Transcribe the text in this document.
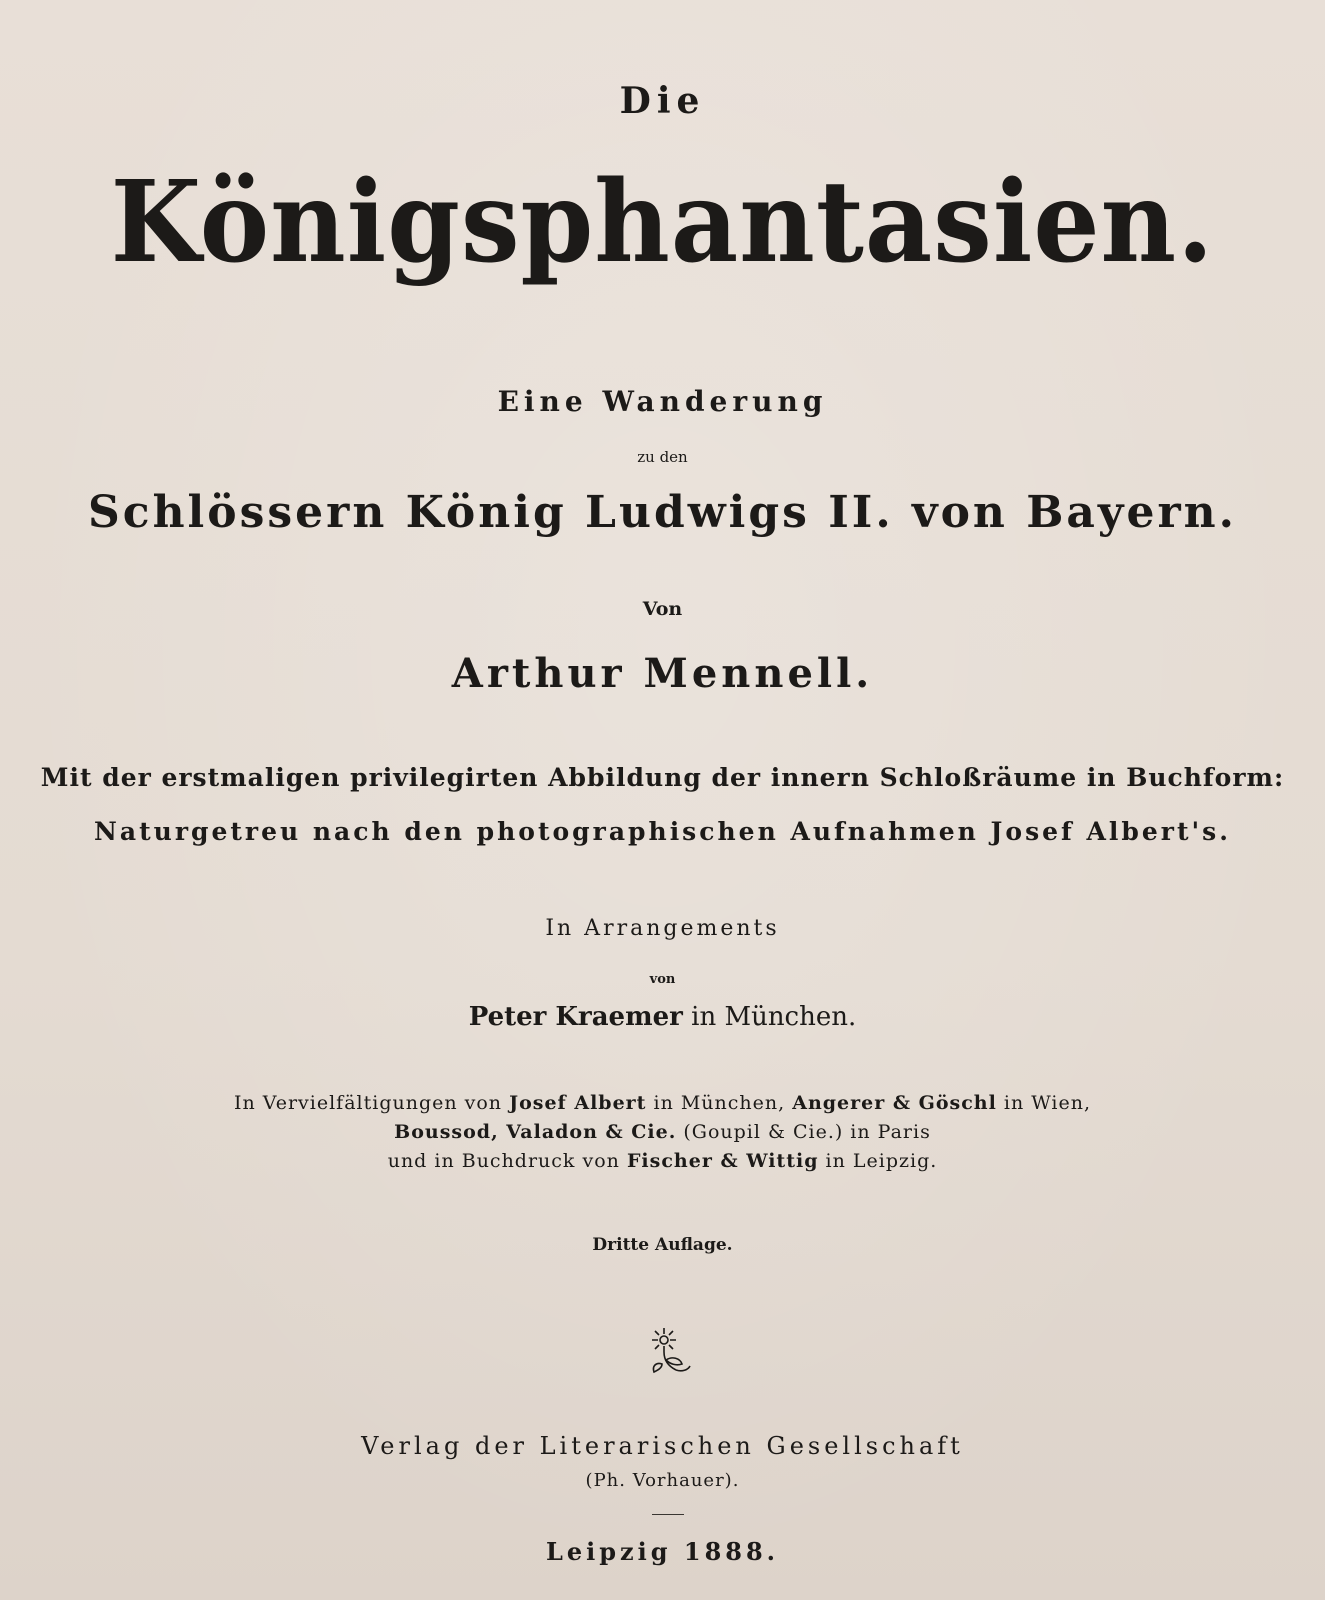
Die
Königsphantasien.
Eine Wanderung
zu den
Schlössern König Ludwigs II. von Bayern.
Von
Arthur Mennell.
Mit der erstmaligen privilegirten Abbildung der innern Schloßräume in Buchform:
Naturgetreu nach den photographischen Aufnahmen Josef Albert's.
In Arrangements
von
Peter Kraemer in München.
In Vervielfältigungen von Josef Albert in München, Angerer & Göschl in Wien,
Boussod, Valadon & Cie. (Goupil & Cie.) in Paris
und in Buchdruck von Fischer & Wittig in Leipzig.
Dritte Auflage.
Verlag der Literarischen Gesellschaft
(Ph. Vorhauer).
Leipzig 1888.
